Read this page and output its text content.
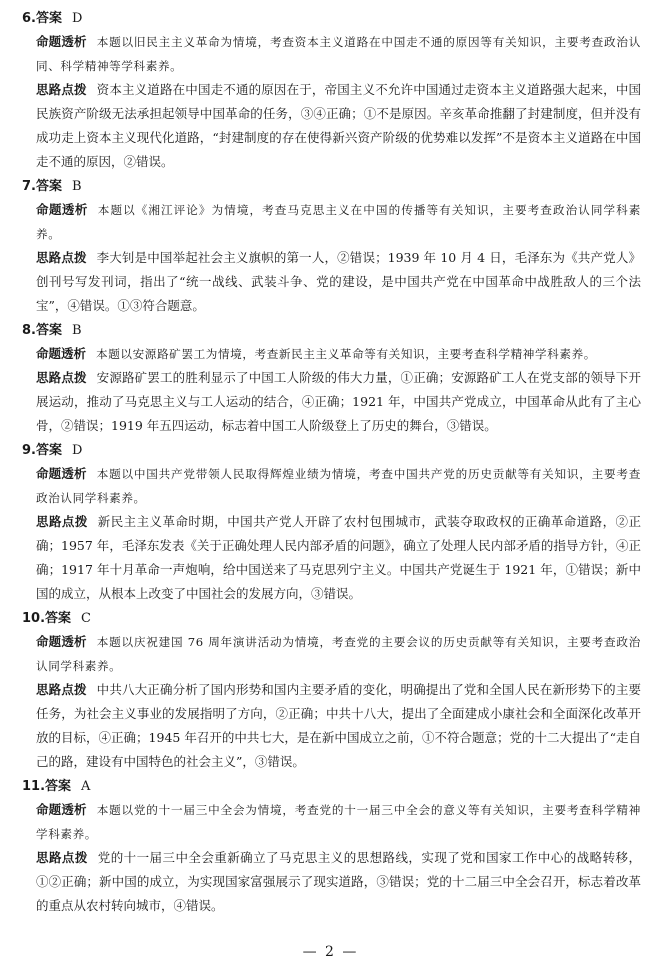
6.答案 D

命题透析 本题以旧民主主义革命为情境，考查资本主义道路在中国走不通的原因等有关知识，主要考查政治认同、科学精神等学科素养。

思路点拨 资本主义道路在中国走不通的原因在于，帝国主义不允许中国通过走资本主义道路强大起来，中国民族资产阶级无法承担起领导中国革命的任务，③④正确；①不是原因。辛亥革命推翻了封建制度，但并没有成功走上资本主义现代化道路，“封建制度的存在使得新兴资产阶级的优势难以发挥”不是资本主义道路在中国走不通的原因，②错误。

7.答案 B

命题透析 本题以《湘江评论》为情境，考查马克思主义在中国的传播等有关知识，主要考查政治认同学科素养。

思路点拨 李大钊是中国举起社会主义旗帜的第一人，②错误；1939 年 10 月 4 日，毛泽东为《共产党人》创刊号写发刊词，指出了“统一战线、武装斗争、党的建设，是中国共产党在中国革命中战胜敌人的三个法宝”，④错误。①③符合题意。

8.答案 B

命题透析 本题以安源路矿罢工为情境，考查新民主主义革命等有关知识，主要考查科学精神学科素养。

思路点拨 安源路矿罢工的胜利显示了中国工人阶级的伟大力量，①正确；安源路矿工人在党支部的领导下开展运动，推动了马克思主义与工人运动的结合，④正确；1921 年，中国共产党成立，中国革命从此有了主心骨，②错误；1919 年五四运动，标志着中国工人阶级登上了历史的舞台，③错误。

9.答案 D

命题透析 本题以中国共产党带领人民取得辉煌业绩为情境，考查中国共产党的历史贡献等有关知识，主要考查政治认同学科素养。

思路点拨 新民主主义革命时期，中国共产党人开辟了农村包围城市，武装夺取政权的正确革命道路，②正确；1957 年，毛泽东发表《关于正确处理人民内部矛盾的问题》，确立了处理人民内部矛盾的指导方针，④正确；1917 年十月革命一声炮响，给中国送来了马克思列宁主义。中国共产党诞生于 1921 年，①错误；新中国的成立，从根本上改变了中国社会的发展方向，③错误。

10.答案 C

命题透析 本题以庆祝建国 76 周年演讲活动为情境，考查党的主要会议的历史贡献等有关知识，主要考查政治认同学科素养。

思路点拨 中共八大正确分析了国内形势和国内主要矛盾的变化，明确提出了党和全国人民在新形势下的主要任务，为社会主义事业的发展指明了方向，②正确；中共十八大，提出了全面建成小康社会和全面深化改革开放的目标，④正确；1945 年召开的中共七大，是在新中国成立之前，①不符合题意；党的十二大提出了“走自己的路，建设有中国特色的社会主义”，③错误。

11.答案 A

命题透析 本题以党的十一届三中全会为情境，考查党的十一届三中全会的意义等有关知识，主要考查科学精神学科素养。

思路点拨 党的十一届三中全会重新确立了马克思主义的思想路线，实现了党和国家工作中心的战略转移，①②正确；新中国的成立，为实现国家富强展示了现实道路，③错误；党的十二届三中全会召开，标志着改革的重点从农村转向城市，④错误。

— 2 —
